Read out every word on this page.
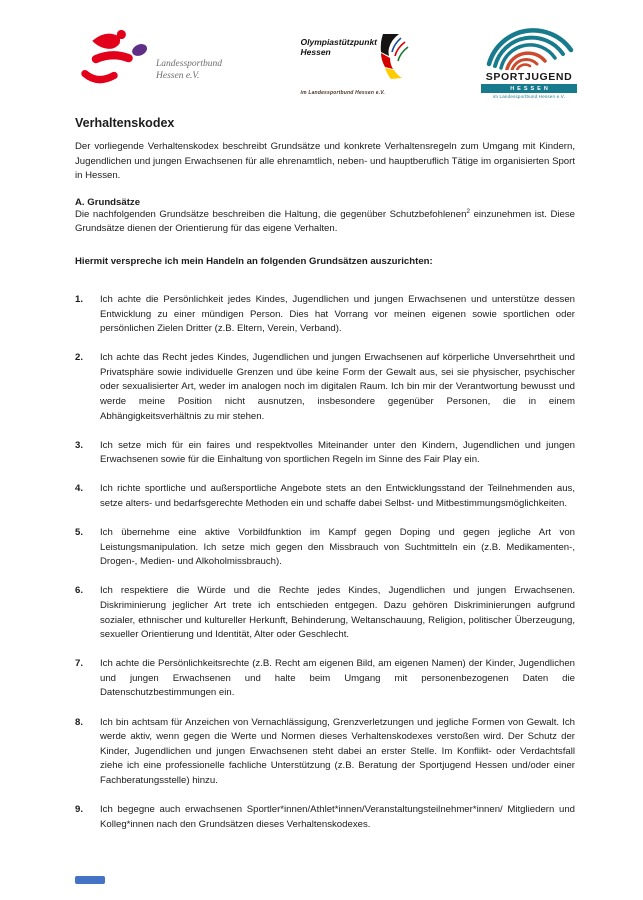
Landessportbund
Hessen e.V.
Olympiastützpunkt
Hessen
im Landessportbund Hessen e.V.
SPORTJUGEND
HESSEN
im Landessportbund Hessen e.V.
Verhaltenskodex

Der vorliegende Verhaltenskodex beschreibt Grundsätze und konkrete Verhaltensregeln zum Umgang mit Kindern, Jugendlichen und jungen Erwachsenen für alle ehrenamtlich, neben- und hauptberuflich Tätige im organisierten Sport in Hessen.

A. Grundsätze

Die nachfolgenden Grundsätze beschreiben die Haltung, die gegenüber Schutzbefohlenen$^2$ einzunehmen ist. Diese Grundsätze dienen der Orientierung für das eigene Verhalten.

Hiermit verspreche ich mein Handeln an folgenden Grundsätzen auszurichten:
1.	Ich achte die Persönlichkeit jedes Kindes, Jugendlichen und jungen Erwachsenen und unterstütze dessen Entwicklung zu einer mündigen Person. Dies hat Vorrang vor meinen eigenen sowie sportlichen oder persönlichen Zielen Dritter (z.B. Eltern, Verein, Verband).
2.	Ich achte das Recht jedes Kindes, Jugendlichen und jungen Erwachsenen auf körperliche Unversehrtheit und Privatsphäre sowie individuelle Grenzen und übe keine Form der Gewalt aus, sei sie physischer, psychischer oder sexualisierter Art, weder im analogen noch im digitalen Raum. Ich bin mir der Verantwortung bewusst und werde meine Position nicht ausnutzen, insbesondere gegenüber Personen, die in einem Abhängigkeitsverhältnis zu mir stehen.
3.	Ich setze mich für ein faires und respektvolles Miteinander unter den Kindern, Jugendlichen und jungen Erwachsenen sowie für die Einhaltung von sportlichen Regeln im Sinne des Fair Play ein.
4.	Ich richte sportliche und außersportliche Angebote stets an den Entwicklungsstand der Teilnehmenden aus, setze alters- und bedarfsgerechte Methoden ein und schaffe dabei Selbst- und Mitbestimmungsmöglichkeiten.
5.	Ich übernehme eine aktive Vorbildfunktion im Kampf gegen Doping und gegen jegliche Art von Leistungsmanipulation. Ich setze mich gegen den Missbrauch von Suchtmitteln ein (z.B. Medikamenten-, Drogen-, Medien- und Alkoholmissbrauch).
6.	Ich respektiere die Würde und die Rechte jedes Kindes, Jugendlichen und jungen Erwachsenen. Diskriminierung jeglicher Art trete ich entschieden entgegen. Dazu gehören Diskriminierungen aufgrund sozialer, ethnischer und kultureller Herkunft, Behinderung, Weltanschauung, Religion, politischer Überzeugung, sexueller Orientierung und Identität, Alter oder Geschlecht.
7.	Ich achte die Persönlichkeitsrechte (z.B. Recht am eigenen Bild, am eigenen Namen) der Kinder, Jugendlichen und jungen Erwachsenen und halte beim Umgang mit personenbezogenen Daten die Datenschutzbestimmungen ein.
8.	Ich bin achtsam für Anzeichen von Vernachlässigung, Grenzverletzungen und jegliche Formen von Gewalt. Ich werde aktiv, wenn gegen die Werte und Normen dieses Verhaltenskodexes verstoßen wird. Der Schutz der Kinder, Jugendlichen und jungen Erwachsenen steht dabei an erster Stelle. Im Konflikt- oder Verdachtsfall ziehe ich eine professionelle fachliche Unterstützung (z.B. Beratung der Sportjugend Hessen und/oder einer Fachberatungsstelle) hinzu.
9.	Ich begegne auch erwachsenen Sportler*innen/Athlet*innen/Veranstaltungsteilnehmer*innen/ Mitgliedern und Kolleg*innen nach den Grundsätzen dieses Verhaltenskodexes.
